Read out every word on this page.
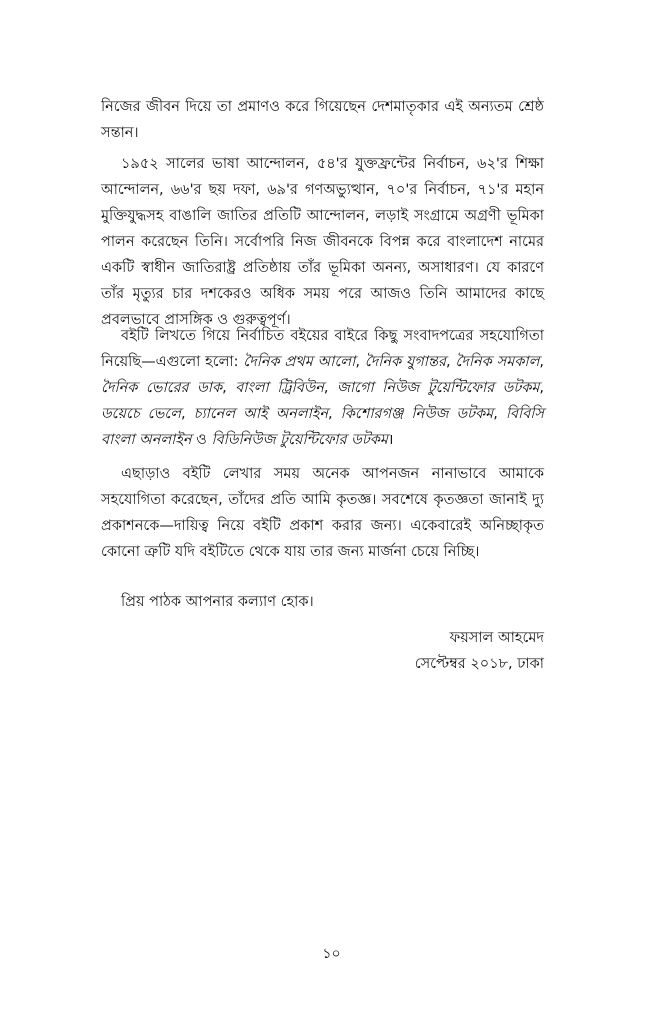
নিজের জীবন দিয়ে তা প্রমাণও করে গিয়েছেন দেশমাতৃকার এই অন্যতম শ্রেষ্ঠ সন্তান।

১৯৫২ সালের ভাষা আন্দোলন, ৫৪'র যুক্তফ্রন্টের নির্বাচন, ৬২'র শিক্ষা আন্দোলন, ৬৬'র ছয় দফা, ৬৯'র গণঅভ্যুত্থান, ৭০'র নির্বাচন, ৭১'র মহান মুক্তিযুদ্ধসহ বাঙালি জাতির প্রতিটি আন্দোলন, লড়াই সংগ্রামে অগ্রণী ভূমিকা পালন করেছেন তিনি। সর্বোপরি নিজ জীবনকে বিপন্ন করে বাংলাদেশ নামের একটি স্বাধীন জাতিরাষ্ট্র প্রতিষ্ঠায় তাঁর ভূমিকা অনন্য, অসাধারণ। যে কারণে তাঁর মৃত্যুর চার দশকেরও অধিক সময় পরে আজও তিনি আমাদের কাছে প্রবলভাবে প্রাসঙ্গিক ও গুরুত্বপূর্ণ।

বইটি লিখতে গিয়ে নির্বাচিত বইয়ের বাইরে কিছু সংবাদপত্রের সহযোগিতা নিয়েছি—এগুলো হলো: দৈনিক প্রথম আলো, দৈনিক যুগান্তর, দৈনিক সমকাল, দৈনিক ভোরের ডাক, বাংলা ট্রিবিউন, জাগো নিউজ টুয়েন্টিফোর ডটকম, ডয়েচে ভেলে, চ্যানেল আই অনলাইন, কিশোরগঞ্জ নিউজ ডটকম, বিবিসি বাংলা অনলাইন ও বিডিনিউজ টুয়েন্টিফোর ডটকম।

এছাড়াও বইটি লেখার সময় অনেক আপনজন নানাভাবে আমাকে সহযোগিতা করেছেন, তাঁদের প্রতি আমি কৃতজ্ঞ। সবশেষে কৃতজ্ঞতা জানাই দ্যু প্রকাশনকে—দায়িত্ব নিয়ে বইটি প্রকাশ করার জন্য। একেবারেই অনিচ্ছাকৃত কোনো ত্রুটি যদি বইটিতে থেকে যায় তার জন্য মার্জনা চেয়ে নিচ্ছি।

প্রিয় পাঠক আপনার কল্যাণ হোক।

ফয়সাল আহমেদ
সেপ্টেম্বর ২০১৮, ঢাকা
১০
